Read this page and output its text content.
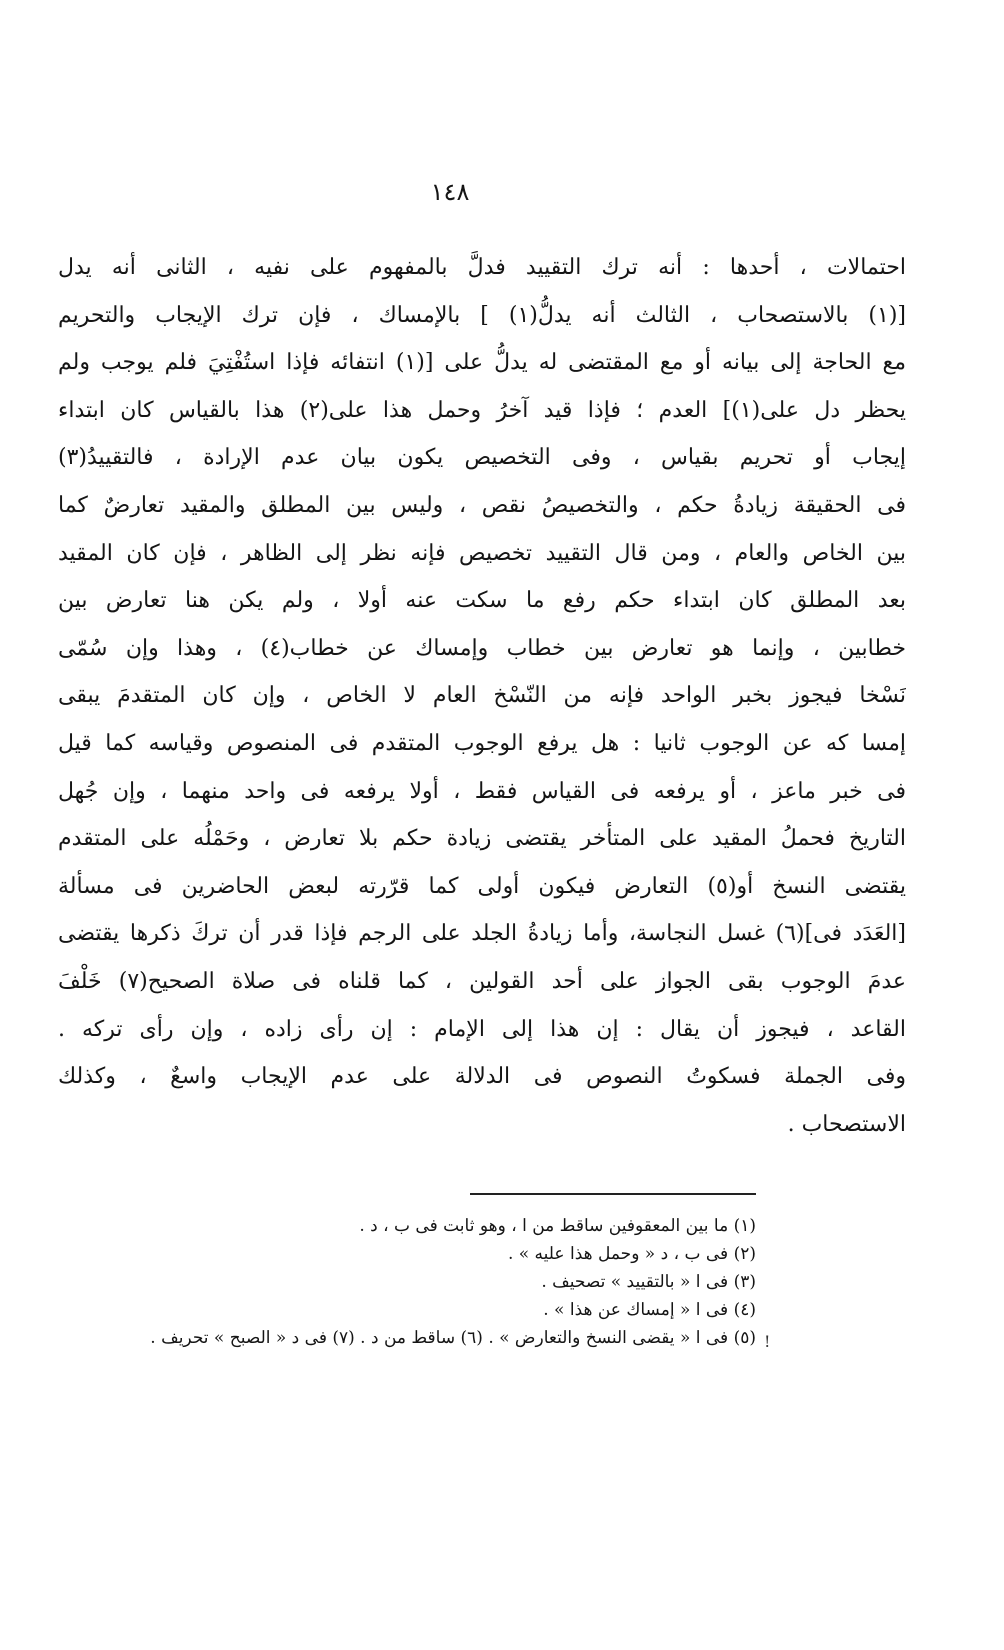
١٤٨
احتمالات ، أحدها : أنه ترك التقييد فدلَّ بالمفهوم على نفيه ، الثانى أنه يدل
[(١) بالاستصحاب ، الثالث أنه يدلُّ(١) ] بالإمساك ، فإن ترك الإيجاب والتحريم
مع الحاجة إلى بيانه أو مع المقتضى له يدلُّ على [(١) انتفائه فإذا استُفْتِيَ فلم يوجب ولم
يحظر دل على(١)] العدم ؛ فإذا قيد آخرُ وحمل هذا على(٢) هذا بالقياس كان ابتداء
إيجاب أو تحريم بقياس ، وفى التخصيص يكون بيان عدم الإرادة ، فالتقييدُ(٣)
فى الحقيقة زيادةُ حكم ، والتخصيصُ نقص ، وليس بين المطلق والمقيد تعارضٌ كما
بين الخاص والعام ، ومن قال التقييد تخصيص فإنه نظر إلى الظاهر ، فإن كان المقيد
بعد المطلق كان ابتداء حكم رفع ما سكت عنه أولا ، ولم يكن هنا تعارض بين
خطابين ، وإنما هو تعارض بين خطاب وإمساك عن خطاب(٤) ، وهذا وإن سُمّى
نَسْخا فيجوز بخبر الواحد فإنه من النّسْخ العام لا الخاص ، وإن كان المتقدمَ يبقى
إمسا كه عن الوجوب ثانيا : هل يرفع الوجوب المتقدم فى المنصوص وقياسه كما قيل
فى خبر ماعز ، أو يرفعه فى القياس فقط ، أولا يرفعه فى واحد منهما ، وإن جُهل
التاريخ فحملُ المقيد على المتأخر يقتضى زيادة حكم بلا تعارض ، وحَمْلُه على المتقدم
يقتضى النسخ أو(٥) التعارض فيكون أولى كما قرّرته لبعض الحاضرين فى مسألة
[العَدَد فى](٦) غسل النجاسة، وأما زيادةُ الجلد على الرجم فإذا قدر أن تركَ ذكرها يقتضى
عدمَ الوجوب بقى الجواز على أحد القولين ، كما قلناه فى صلاة الصحيح(٧) خَلْفَ
القاعد ، فيجوز أن يقال : إن هذا إلى الإمام : إن رأى زاده ، وإن رأى تركه .
وفى الجملة فسكوتُ النصوص فى الدلالة على عدم الإيجاب واسعٌ ، وكذلك
الاستصحاب .
(١) ما بين المعقوفين ساقط من ا ، وهو ثابت فى ب ، د .
(٢) فى ب ، د « وحمل هذا عليه » .
(٣) فى ا « بالتقييد » تصحيف .
(٤) فى ا « إمساك عن هذا » .
(٥) فى ا « يقضى النسخ والتعارض » . (٦) ساقط من د . (٧) فى د « الصبح » تحريف . !
